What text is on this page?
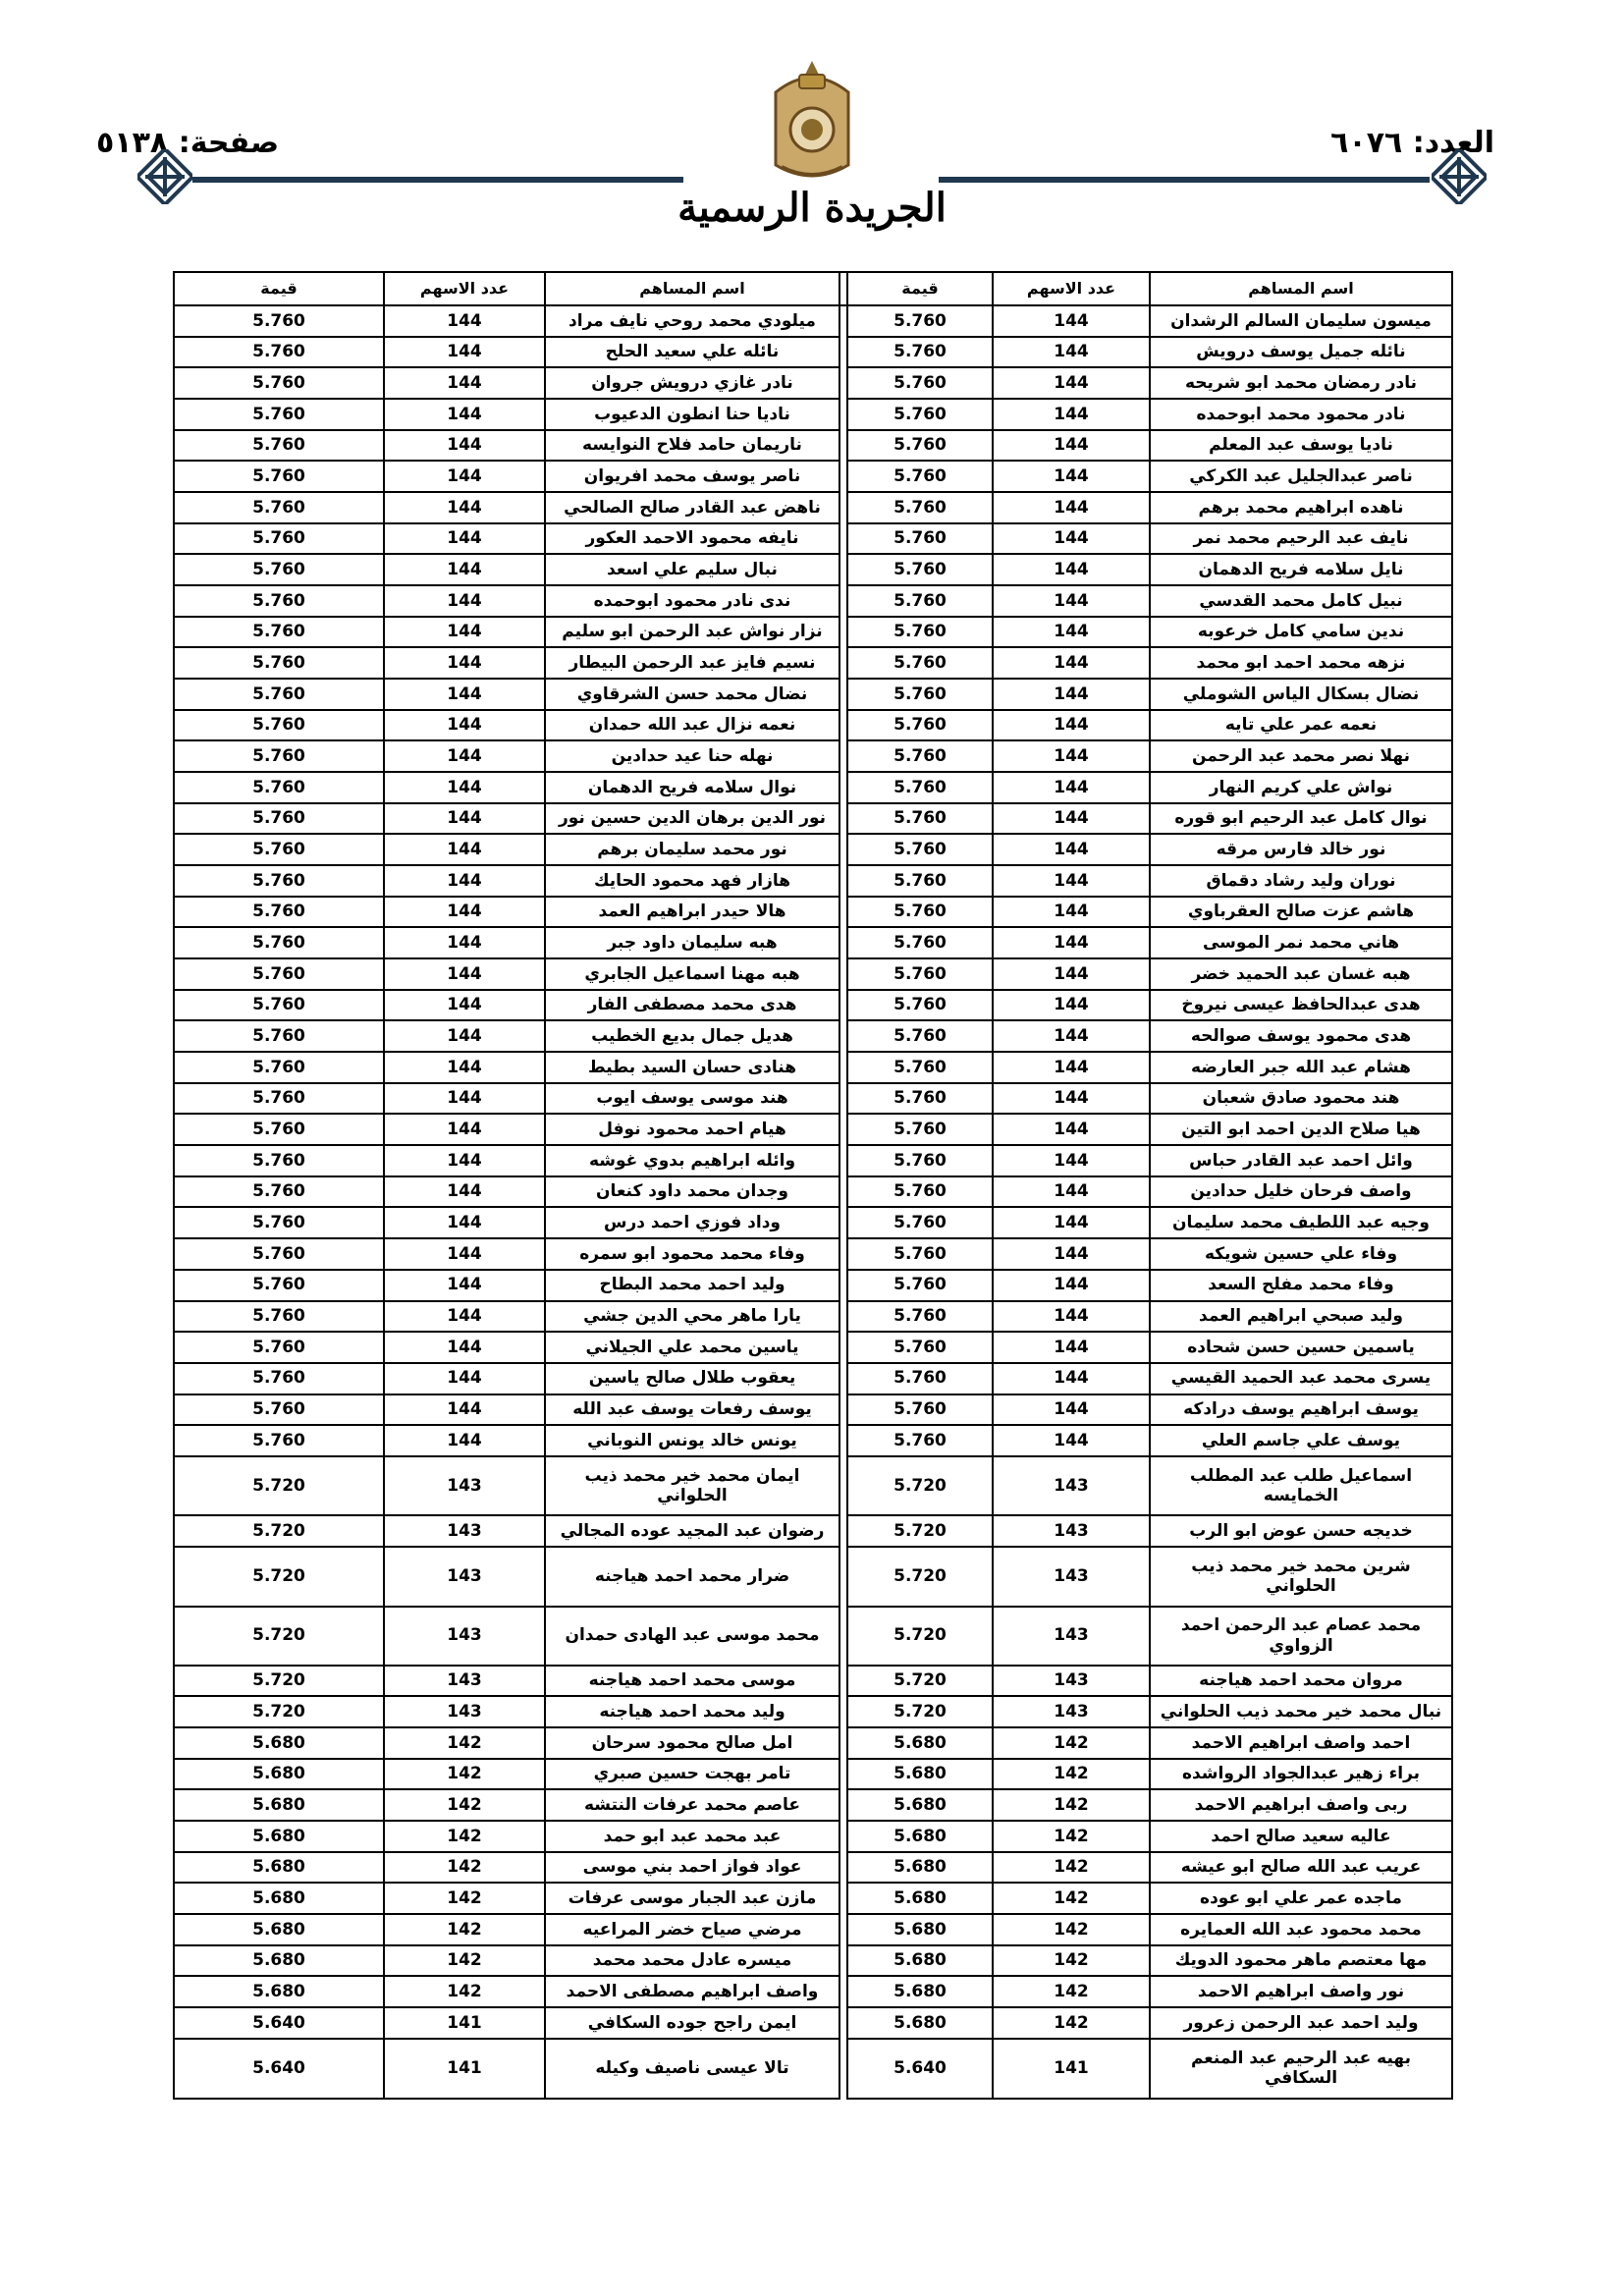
العدد: ٦٠٧٦
صفحة: ٥١٣٨
الجريدة الرسمية
اسم المساهم	عدد الاسهم	قيمة		اسم المساهم	عدد الاسهم	قيمة
ميسون سليمان السالم الرشدان	144	5.760		ميلودي محمد روحي نايف مراد	144	5.760
نائله جميل يوسف درويش	144	5.760		نائله علي سعيد الحلح	144	5.760
نادر رمضان محمد ابو شريحه	144	5.760		نادر غازي درويش جروان	144	5.760
نادر محمود محمد ابوحمده	144	5.760		ناديا حنا انطون الدعيوب	144	5.760
ناديا يوسف عبد المعلم	144	5.760		ناريمان حامد فلاح النوايسه	144	5.760
ناصر عبدالجليل عبد الكركي	144	5.760		ناصر يوسف محمد افريوان	144	5.760
ناهده ابراهيم محمد برهم	144	5.760		ناهض عبد القادر صالح الصالحي	144	5.760
نايف عبد الرحيم محمد نمر	144	5.760		نايفه محمود الاحمد العكور	144	5.760
نايل سلامه فريح الدهمان	144	5.760		نبال سليم علي اسعد	144	5.760
نبيل كامل محمد القدسي	144	5.760		ندى نادر محمود ابوحمده	144	5.760
ندين سامي كامل خرعوبه	144	5.760		نزار نواش عبد الرحمن ابو سليم	144	5.760
نزهه محمد احمد ابو محمد	144	5.760		نسيم فايز عبد الرحمن البيطار	144	5.760
نضال بسكال الياس الشوملي	144	5.760		نضال محمد حسن الشرقاوي	144	5.760
نعمه عمر علي تايه	144	5.760		نعمه نزال عبد الله حمدان	144	5.760
نهلا نصر محمد عبد الرحمن	144	5.760		نهله حنا عيد حدادين	144	5.760
نواش علي كريم النهار	144	5.760		نوال سلامه فريح الدهمان	144	5.760
نوال كامل عبد الرحيم ابو قوره	144	5.760		نور الدين برهان الدين حسين نور	144	5.760
نور خالد فارس مرقه	144	5.760		نور محمد سليمان برهم	144	5.760
نوران وليد رشاد دقماق	144	5.760		هازار فهد محمود الحايك	144	5.760
هاشم عزت صالح العقرباوي	144	5.760		هالا حيدر ابراهيم العمد	144	5.760
هاني محمد نمر الموسى	144	5.760		هبه سليمان داود جبر	144	5.760
هبه غسان عبد الحميد خضر	144	5.760		هبه مهنا اسماعيل الجابري	144	5.760
هدى عبدالحافظ عيسى نيروخ	144	5.760		هدى محمد مصطفى الفار	144	5.760
هدى محمود يوسف صوالحه	144	5.760		هديل جمال بديع الخطيب	144	5.760
هشام عبد الله جبر العارضه	144	5.760		هنادى حسان السيد بطيط	144	5.760
هند محمود صادق شعبان	144	5.760		هند موسى يوسف ايوب	144	5.760
هيا صلاح الدين احمد ابو التين	144	5.760		هيام احمد محمود نوفل	144	5.760
وائل احمد عبد القادر حباس	144	5.760		وائله ابراهيم بدوي غوشه	144	5.760
واصف فرحان خليل حدادين	144	5.760		وجدان محمد داود كنعان	144	5.760
وجيه عبد اللطيف محمد سليمان	144	5.760		وداد فوزي احمد درس	144	5.760
وفاء علي حسين شويكه	144	5.760		وفاء محمد محمود ابو سمره	144	5.760
وفاء محمد مفلح السعد	144	5.760		وليد احمد محمد البطاح	144	5.760
وليد صبحي ابراهيم العمد	144	5.760		يارا ماهر محي الدين جشي	144	5.760
ياسمين حسين حسن شحاده	144	5.760		ياسين محمد علي الجيلاني	144	5.760
يسرى محمد عبد الحميد القيسي	144	5.760		يعقوب طلال صالح ياسين	144	5.760
يوسف ابراهيم يوسف درادكه	144	5.760		يوسف رفعات يوسف عبد الله	144	5.760
يوسف علي جاسم العلي	144	5.760		يونس خالد يونس النوباني	144	5.760
اسماعيل طلب عبد المطلب الخمايسه	143	5.720		ايمان محمد خير محمد ذيب الحلواني	143	5.720
خديجه حسن عوض ابو الرب	143	5.720		رضوان عبد المجيد عوده المجالي	143	5.720
شرين محمد خير محمد ذيب الحلواني	143	5.720		ضرار محمد احمد هياجنه	143	5.720
محمد عصام عبد الرحمن احمد الزواوي	143	5.720		محمد موسى عبد الهادى حمدان	143	5.720
مروان محمد احمد هياجنه	143	5.720		موسى محمد احمد هياجنه	143	5.720
نبال محمد خير محمد ذيب الحلواني	143	5.720		وليد محمد احمد هياجنه	143	5.720
احمد واصف ابراهيم الاحمد	142	5.680		امل صالح محمود سرحان	142	5.680
براء زهير عبدالجواد الرواشده	142	5.680		تامر بهجت حسين صبري	142	5.680
ربى واصف ابراهيم الاحمد	142	5.680		عاصم محمد عرفات النتشه	142	5.680
عاليه سعيد صالح احمد	142	5.680		عبد محمد عبد ابو حمد	142	5.680
عريب عبد الله صالح ابو عيشه	142	5.680		عواد فواز احمد بني موسى	142	5.680
ماجده عمر علي ابو عوده	142	5.680		مازن عبد الجبار موسى عرفات	142	5.680
محمد محمود عبد الله العمايره	142	5.680		مرضي صياح خضر المراعيه	142	5.680
مها معتصم ماهر محمود الدويك	142	5.680		ميسره عادل محمد محمد	142	5.680
نور واصف ابراهيم الاحمد	142	5.680		واصف ابراهيم مصطفى الاحمد	142	5.680
وليد احمد عبد الرحمن زعرور	142	5.680		ايمن راجح جوده السكافي	141	5.640
بهيه عبد الرحيم عبد المنعم السكافي	141	5.640		تالا عيسى ناصيف وكيله	141	5.640
